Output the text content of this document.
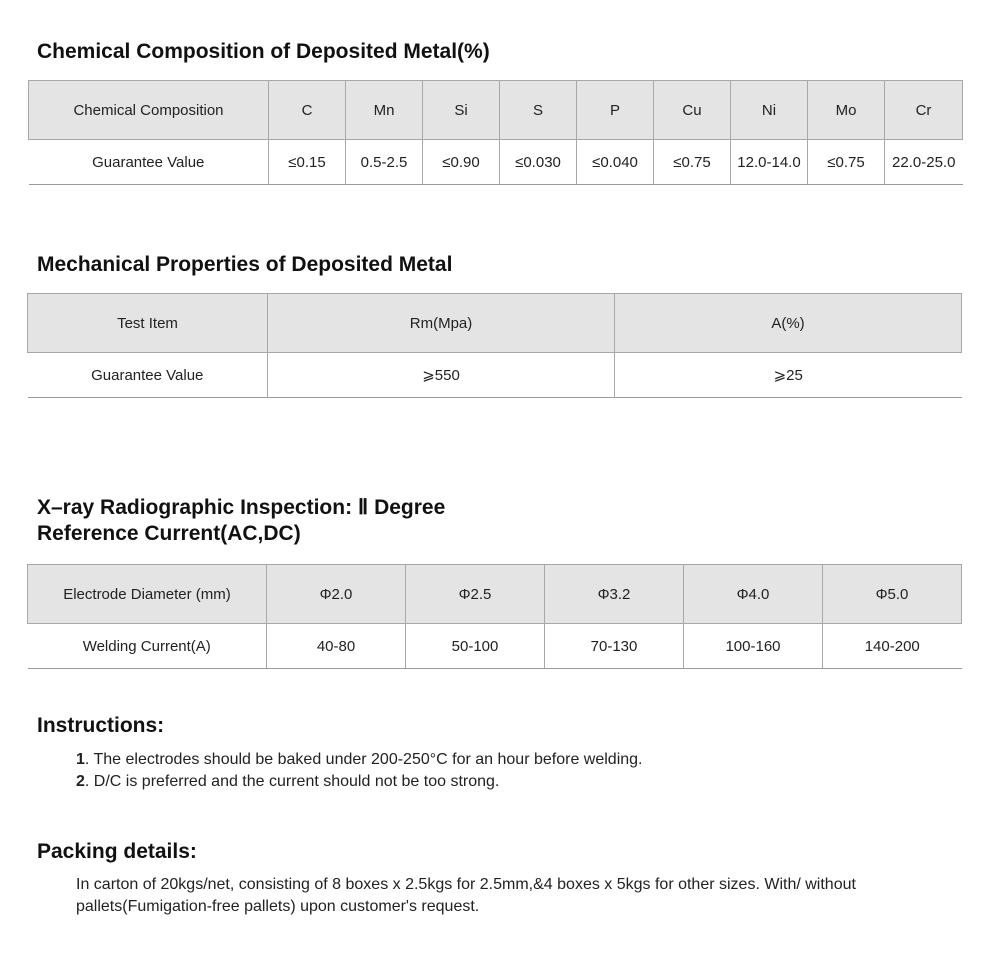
Chemical Composition of Deposited Metal(%)
Chemical Composition	C	Mn	Si	S	P	Cu	Ni	Mo	Cr
Guarantee Value	≤0.15	0.5-2.5	≤0.90	≤0.030	≤0.040	≤0.75	12.0-14.0	≤0.75	22.0-25.0
Mechanical Properties of Deposited Metal
Test Item	Rm(Mpa)	A(%)
Guarantee Value	⩾550	⩾25
X–ray Radiographic Inspection: Ⅱ Degree
Reference Current(AC,DC)
Electrode Diameter (mm)	Φ2.0	Φ2.5	Φ3.2	Φ4.0	Φ5.0
Welding Current(A)	40-80	50-100	70-130	100-160	140-200
Instructions:
1. The electrodes should be baked under 200-250°C for an hour before welding.
2. D/C is preferred and the current should not be too strong.
Packing details:
In carton of 20kgs/net, consisting of 8 boxes x 2.5kgs for 2.5mm,&4 boxes x 5kgs for other sizes. With/ without pallets(Fumigation-free pallets) upon customer's request.
